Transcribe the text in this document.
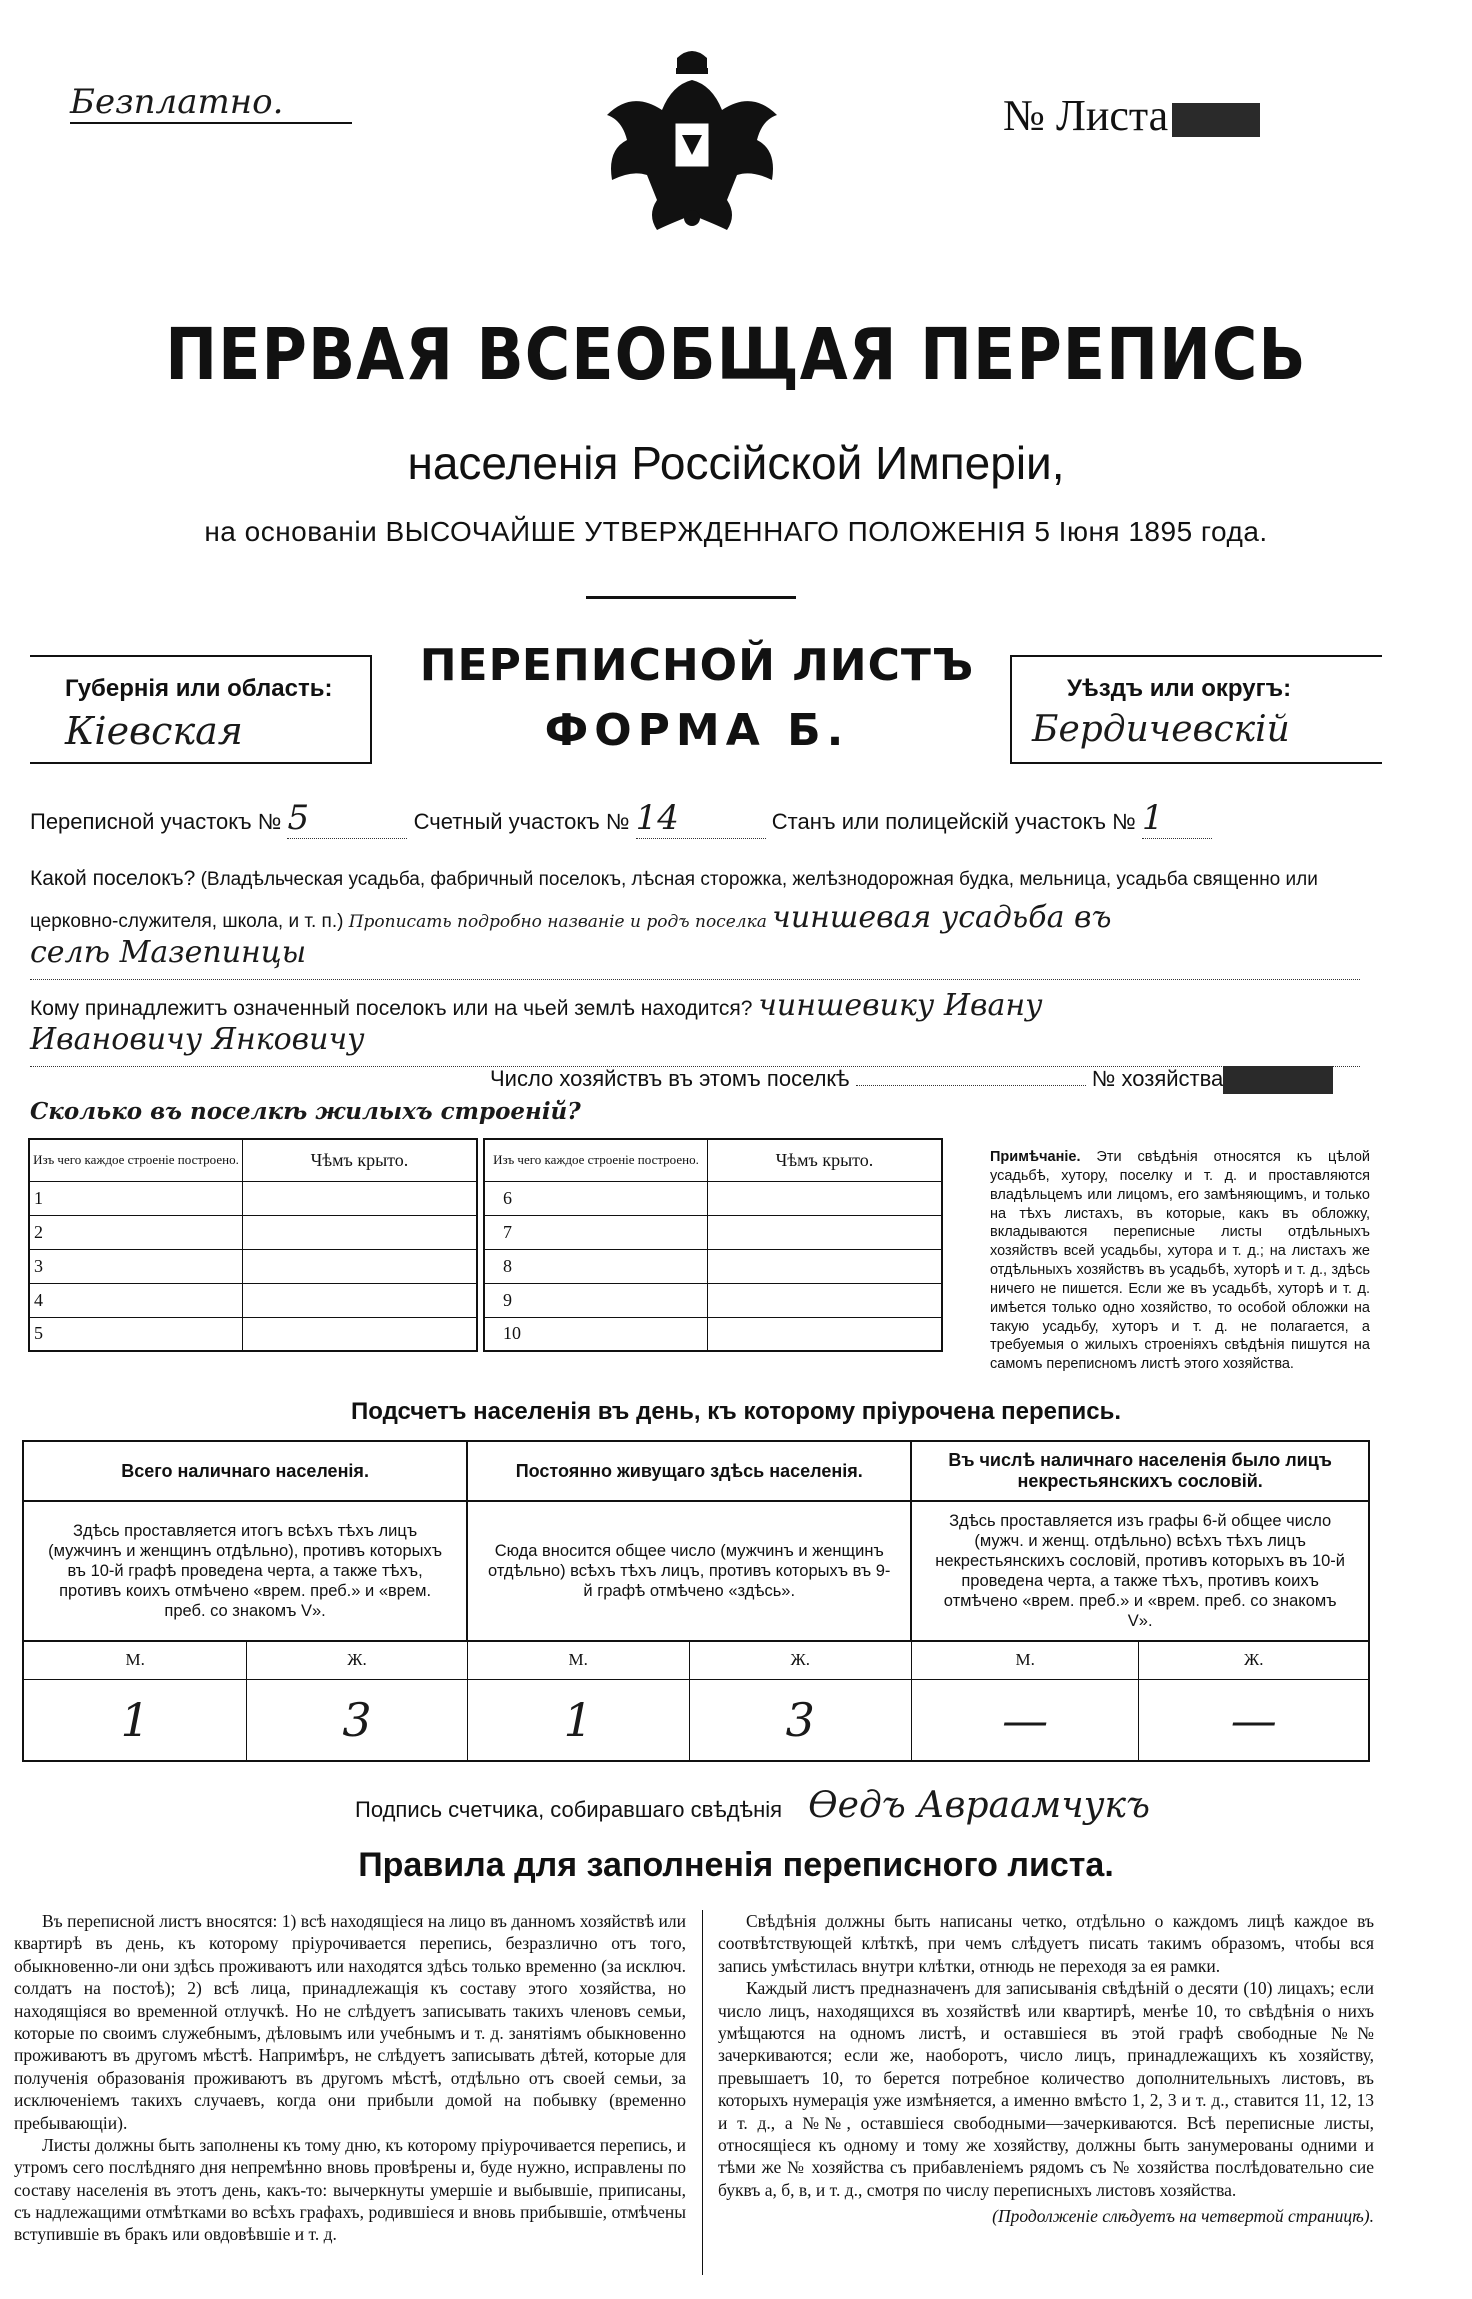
Безплатно.	№ Листа
ПЕРВАЯ ВСЕОБЩАЯ ПЕРЕПИСЬ
населенія Россійской Имперіи,
на основаніи ВЫСОЧАЙШЕ УТВЕРЖДЕННАГО ПОЛОЖЕНІЯ 5 Іюня 1895 года.
Губернія или область:
Кіевская
ПЕРЕПИСНОЙ ЛИСТЪ
ФОРМА Б.
Уѣздъ или округъ:
Бердичевскій
Переписной участокъ № 5	Счетный участокъ № 14	Станъ или полицейскій участокъ № 1
Какой поселокъ? (Владѣльческая усадьба, фабричный поселокъ, лѣсная сторожка, желѣзнодорожная будка, мельница, усадьба священно или церковно-служителя, школа, и т. п.) Прописать подробно названіе и родъ поселка чиншевая усадьба въ
селѣ Мазепинцы
Кому принадлежитъ означенный поселокъ или на чьей землѣ находится? чиншевику Ивану
Ивановичу Янковичу
Число хозяйствъ въ этомъ поселкѣ	№ хозяйства
Сколько въ поселкѣ жилыхъ строеній?
Изъ чего каждое строеніе построено.	Чѣмъ крыто.
1	
2	
3	
4	
5	
Изъ чего каждое строеніе построено.	Чѣмъ крыто.
6	
7	
8	
9	
10	
Примѣчаніе. Эти свѣдѣнія относятся къ цѣлой усадьбѣ, хутору, поселку и т. д. и проставляются владѣльцемъ или лицомъ, его замѣняющимъ, и только на тѣхъ листахъ, въ которые, какъ въ обложку, вкладываются переписные листы отдѣльныхъ хозяйствъ всей усадьбы, хутора и т. д.; на листахъ же отдѣльныхъ хозяйствъ въ усадьбѣ, хуторѣ и т. д., здѣсь ничего не пишется. Если же въ усадьбѣ, хуторѣ и т. д. имѣется только одно хозяйство, то особой обложки на такую усадьбу, хуторъ и т. д. не полагается, а требуемыя о жилыхъ строеніяхъ свѣдѣнія пишутся на самомъ переписномъ листѣ этого хозяйства.
Подсчетъ населенія въ день, къ которому пріурочена перепись.
Всего наличнаго населенія.		Постоянно живущаго здѣсь населенія.		Въ числѣ наличнаго населенія было лицъ некрестьянскихъ сословій.	
Здѣсь проставляется итогъ всѣхъ тѣхъ лицъ (мужчинъ и женщинъ отдѣльно), противъ которыхъ въ 10-й графѣ проведена черта, а также тѣхъ, противъ коихъ отмѣчено «врем. преб.» и «врем. преб. со знакомъ V».		Сюда вносится общее число (мужчинъ и женщинъ отдѣльно) всѣхъ тѣхъ лицъ, противъ которыхъ въ 9-й графѣ отмѣчено «здѣсь».		Здѣсь проставляется изъ графы 6-й общее число (мужч. и женщ. отдѣльно) всѣхъ тѣхъ лицъ некрестьянскихъ сословій, противъ которыхъ въ 10-й проведена черта, а также тѣхъ, противъ коихъ отмѣчено «врем. преб.» и «врем. преб. со знакомъ V».	
М.	Ж.	М.	Ж.	М.	Ж.
1	3	1	3	—	—
Подпись счетчика, собиравшаго свѣдѣнія Ѳедъ Авраамчукъ
Правила для заполненія переписного листа.
Въ переписной листъ вносятся: 1) всѣ находящіеся на лицо въ данномъ хозяйствѣ или квартирѣ въ день, къ которому пріурочивается перепись, безразлично отъ того, обыкновенно-ли они здѣсь проживаютъ или находятся здѣсь только временно (за исключ. солдатъ на постоѣ); 2) всѣ лица, принадлежащія къ составу этого хозяйства, но находящіяся во временной отлучкѣ. Но не слѣдуетъ записывать такихъ членовъ семьи, которые по своимъ служебнымъ, дѣловымъ или учебнымъ и т. д. занятіямъ обыкновенно проживаютъ въ другомъ мѣстѣ. Напримѣръ, не слѣдуетъ записывать дѣтей, которые для полученія образованія проживаютъ въ другомъ мѣстѣ, отдѣльно отъ своей семьи, за исключеніемъ такихъ случаевъ, когда они прибыли домой на побывку (временно пребывающіи).
Листы должны быть заполнены къ тому дню, къ которому пріурочивается перепись, и утромъ сего послѣдняго дня непремѣнно вновь провѣрены и, буде нужно, исправлены по составу населенія въ этотъ день, какъ-то: вычеркнуты умершіе и выбывшіе, приписаны, съ надлежащими отмѣтками во всѣхъ графахъ, родившіеся и вновь прибывшіе, отмѣчены вступившіе въ бракъ или овдовѣвшіе и т. д.
Свѣдѣнія должны быть написаны четко, отдѣльно о каждомъ лицѣ каждое въ соотвѣтствующей клѣткѣ, при чемъ слѣдуетъ писать такимъ образомъ, чтобы вся запись умѣстилась внутри клѣтки, отнюдь не переходя за ея рамки.
Каждый листъ предназначенъ для записыванія свѣдѣній о десяти (10) лицахъ; если число лицъ, находящихся въ хозяйствѣ или квартирѣ, менѣе 10, то свѣдѣнія о нихъ умѣщаются на одномъ листѣ, и оставшіеся въ этой графѣ свободные №№ зачеркиваются; если же, наоборотъ, число лицъ, принадлежащихъ къ хозяйству, превышаетъ 10, то берется потребное количество дополнительныхъ листовъ, въ которыхъ нумерація уже измѣняется, а именно вмѣсто 1, 2, 3 и т. д., ставится 11, 12, 13 и т. д., а №№, оставшіеся свободными—зачеркиваются. Всѣ переписные листы, относящіеся къ одному и тому же хозяйству, должны быть занумерованы одними и тѣми же № хозяйства съ прибавленіемъ рядомъ съ № хозяйства послѣдовательно сие буквъ а, б, в, и т. д., смотря по числу переписныхъ листовъ хозяйства.
(Продолженіе слѣдуетъ на четвертой страницѣ).
